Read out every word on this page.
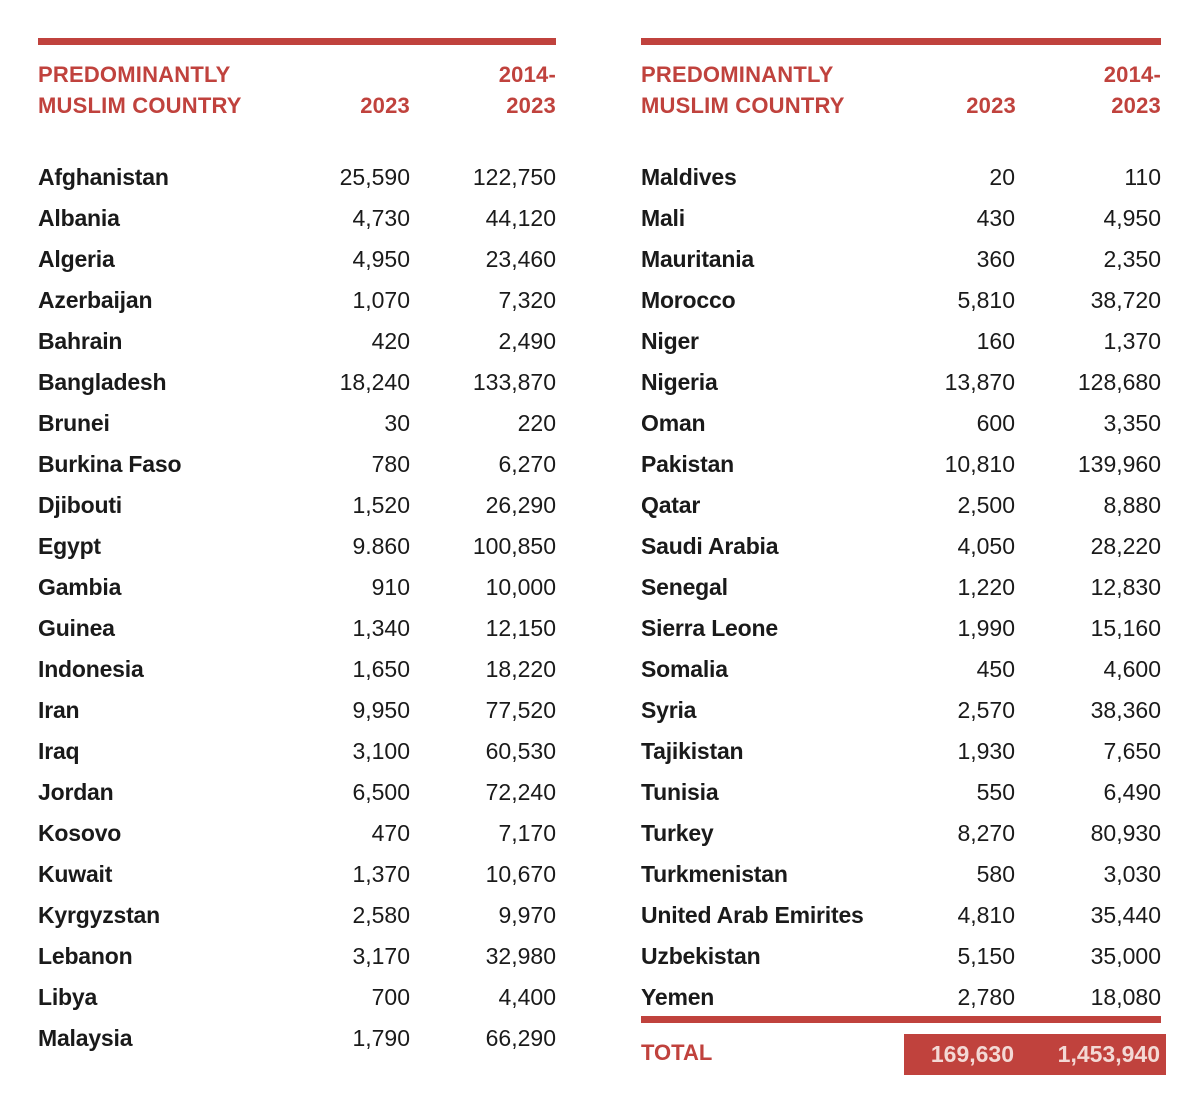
PREDOMINANTLY
MUSLIM COUNTRY	2023
2014-
2023
Afghanistan	25,590	122,750
Albania	4,730	44,120
Algeria	4,950	23,460
Azerbaijan	1,070	7,320
Bahrain	420	2,490
Bangladesh	18,240	133,870
Brunei	30	220
Burkina Faso	780	6,270
Djibouti	1,520	26,290
Egypt	9.860	100,850
Gambia	910	10,000
Guinea	1,340	12,150
Indonesia	1,650	18,220
Iran	9,950	77,520
Iraq	3,100	60,530
Jordan	6,500	72,240
Kosovo	470	7,170
Kuwait	1,370	10,670
Kyrgyzstan	2,580	9,970
Lebanon	3,170	32,980
Libya	700	4,400
Malaysia	1,790	66,290
PREDOMINANTLY
MUSLIM COUNTRY	2023
2014-
2023
Maldives	20	110
Mali	430	4,950
Mauritania	360	2,350
Morocco	5,810	38,720
Niger	160	1,370
Nigeria	13,870	128,680
Oman	600	3,350
Pakistan	10,810	139,960
Qatar	2,500	8,880
Saudi Arabia	4,050	28,220
Senegal	1,220	12,830
Sierra Leone	1,990	15,160
Somalia	450	4,600
Syria	2,570	38,360
Tajikistan	1,930	7,650
Tunisia	550	6,490
Turkey	8,270	80,930
Turkmenistan	580	3,030
United Arab Emirites	4,810	35,440
Uzbekistan	5,150	35,000
Yemen	2,780	18,080
TOTAL	169,630 1,453,940
